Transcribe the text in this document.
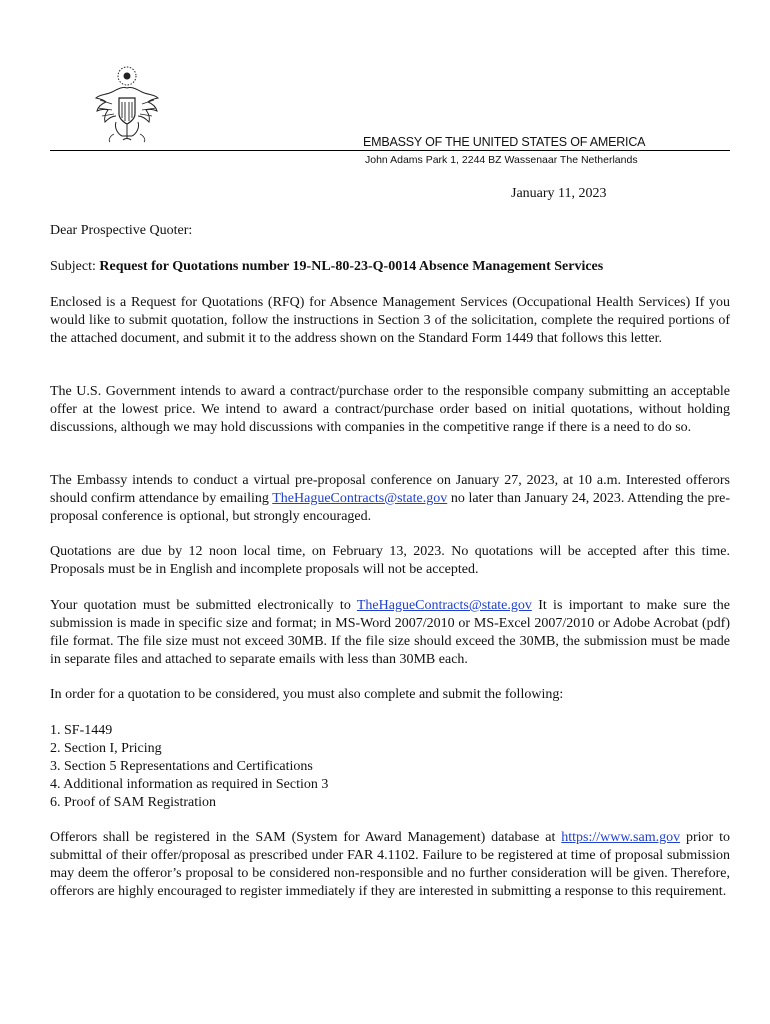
EMBASSY OF THE UNITED STATES OF AMERICA
John Adams Park 1, 2244 BZ Wassenaar The Netherlands
January 11, 2023
Dear Prospective Quoter:
Subject: Request for Quotations number 19-NL-80-23-Q-0014 Absence Management Services
Enclosed is a Request for Quotations (RFQ) for Absence Management Services (Occupational Health Services) If you would like to submit quotation, follow the instructions in Section 3 of the solicitation, complete the required portions of the attached document, and submit it to the address shown on the Standard Form 1449 that follows this letter.
The U.S. Government intends to award a contract/purchase order to the responsible company submitting an acceptable offer at the lowest price. We intend to award a contract/purchase order based on initial quotations, without holding discussions, although we may hold discussions with companies in the competitive range if there is a need to do so.
The Embassy intends to conduct a virtual pre-proposal conference on January 27, 2023, at 10 a.m. Interested offerors should confirm attendance by emailing TheHagueContracts@state.gov no later than January 24, 2023. Attending the pre-proposal conference is optional, but strongly encouraged.
Quotations are due by 12 noon local time, on February 13, 2023. No quotations will be accepted after this time. Proposals must be in English and incomplete proposals will not be accepted.
Your quotation must be submitted electronically to TheHagueContracts@state.gov It is important to make sure the submission is made in specific size and format; in MS-Word 2007/2010 or MS-Excel 2007/2010 or Adobe Acrobat (pdf) file format. The file size must not exceed 30MB. If the file size should exceed the 30MB, the submission must be made in separate files and attached to separate emails with less than 30MB each.
In order for a quotation to be considered, you must also complete and submit the following:
1. SF-1449
2. Section I, Pricing
3. Section 5 Representations and Certifications
4. Additional information as required in Section 3
6. Proof of SAM Registration
Offerors shall be registered in the SAM (System for Award Management) database at https://www.sam.gov prior to submittal of their offer/proposal as prescribed under FAR 4.1102. Failure to be registered at time of proposal submission may deem the offeror’s proposal to be considered non-responsible and no further consideration will be given. Therefore, offerors are highly encouraged to register immediately if they are interested in submitting a response to this requirement.
